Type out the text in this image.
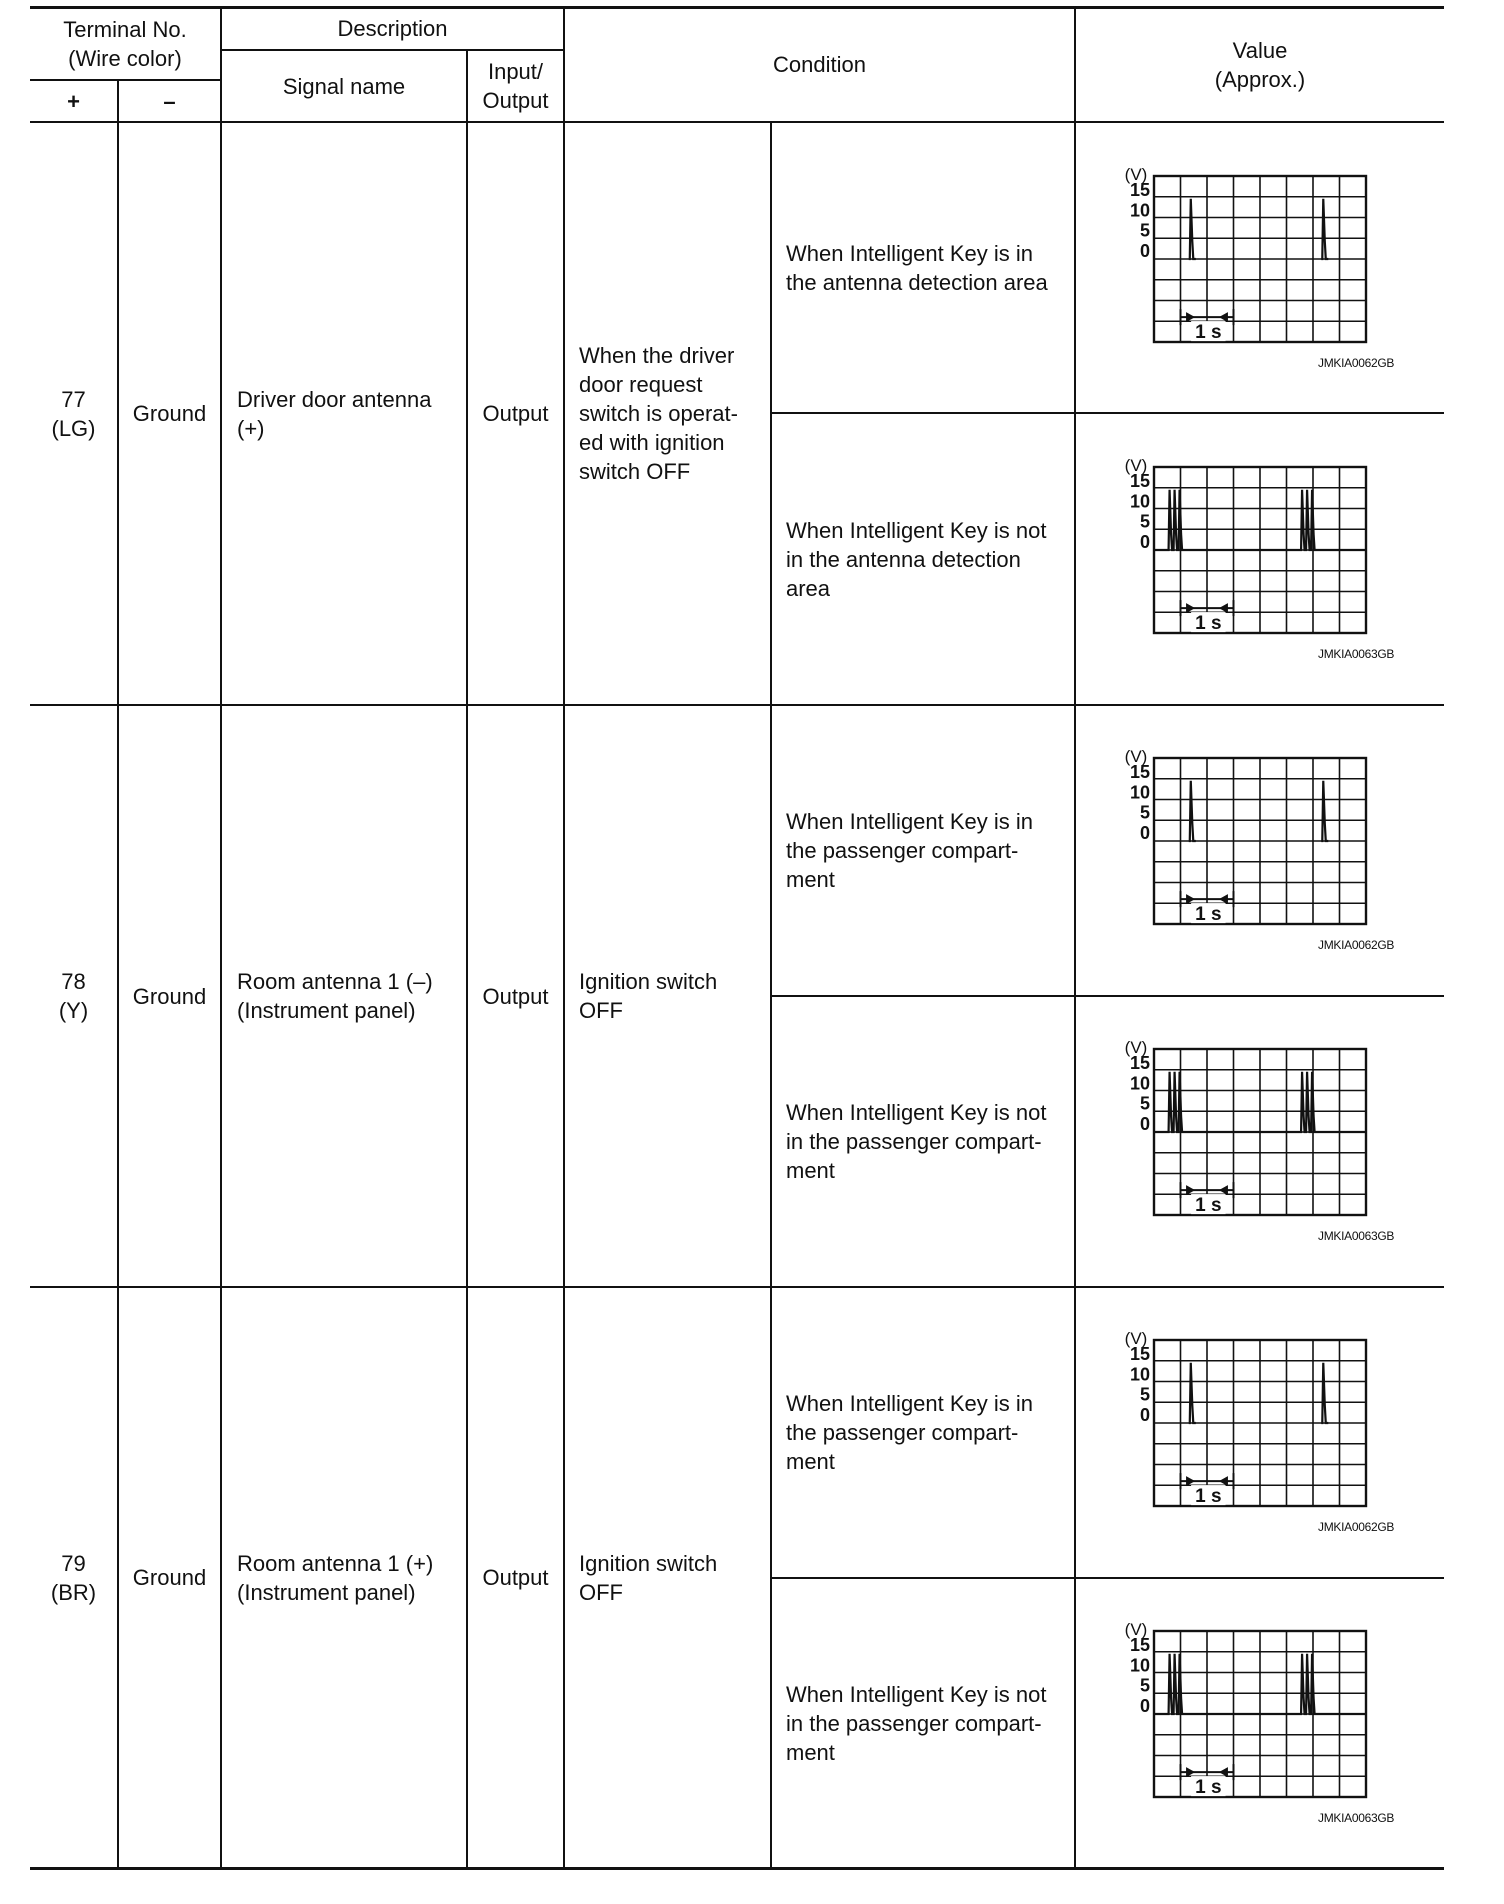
Terminal No.
(Wire color)
+	–
Description
Signal name
Input/
Output
Condition
Value
(Approx.)
77
(LG)
Ground
Driver door antenna
(+)
Output
When the driver
door request
switch is operat-
ed with ignition
switch OFF
When Intelligent Key is in
the antenna detection area
When Intelligent Key is not
in the antenna detection
area
(V)
15
10
5
0
1 s
JMKIA0062GB
(V)
15
10
5
0
1 s
JMKIA0063GB
78
(Y)
Ground
Room antenna 1 (–)
(Instrument panel)
Output
Ignition switch
OFF
When Intelligent Key is in
the passenger compart-
ment
When Intelligent Key is not
in the passenger compart-
ment
(V)
15
10
5
0
1 s
JMKIA0062GB
(V)
15
10
5
0
1 s
JMKIA0063GB
79
(BR)
Ground
Room antenna 1 (+)
(Instrument panel)
Output
Ignition switch
OFF
When Intelligent Key is in
the passenger compart-
ment
When Intelligent Key is not
in the passenger compart-
ment
(V)
15
10
5
0
1 s
JMKIA0062GB
(V)
15
10
5
0
1 s
JMKIA0063GB
